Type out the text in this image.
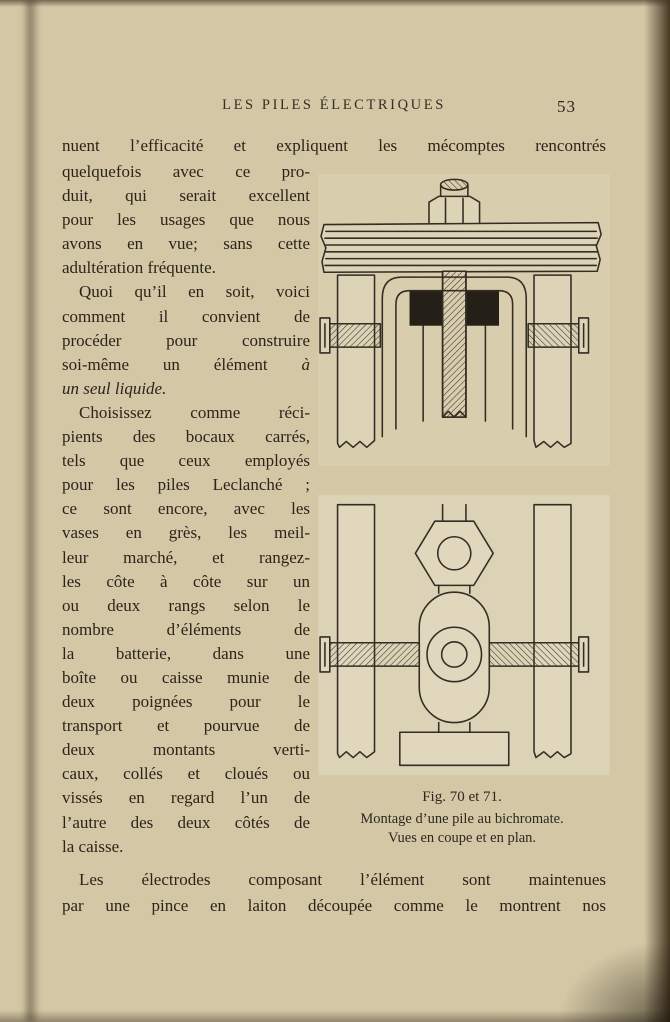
LES PILES ÉLECTRIQUES	53
nuent l’efficacité et expliquent les mécomptes rencontrés
quelquefois avec ce pro-
duit, qui serait excellent
pour les usages que nous
avons en vue; sans cette
adultération fréquente.
Quoi qu’il en soit, voici
comment il convient de
procéder pour construire
soi-même un élément à
un seul liquide.
Choisissez comme réci-
pients des bocaux carrés,
tels que ceux employés
pour les piles Leclanché ;
ce sont encore, avec les
vases en grès, les meil-
leur marché, et rangez-
les côte à côte sur un
ou deux rangs selon le
nombre d’éléments de
la batterie, dans une
boîte ou caisse munie de
deux poignées pour le
transport et pourvue de
deux montants verti-
caux, collés et cloués ou
vissés en regard l’un de
l’autre des deux côtés de
la caisse.
Fig. 70 et 71.
Montage d’une pile au bichromate.
Vues en coupe et en plan.
Les électrodes composant l’élément sont maintenues
par une pince en laiton découpée comme le montrent nos
